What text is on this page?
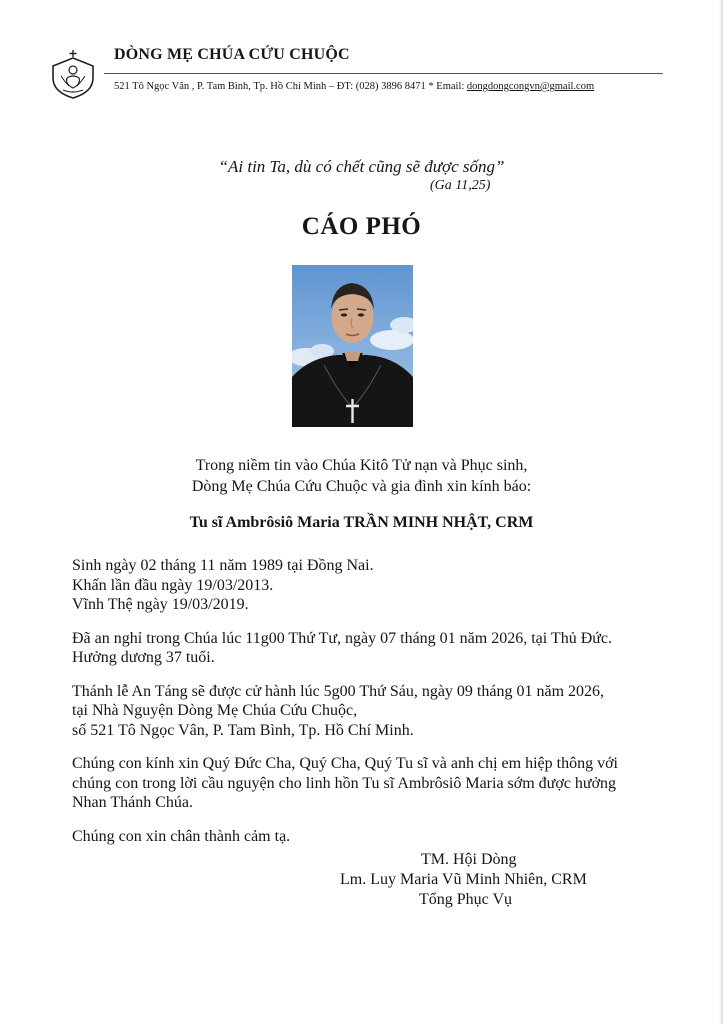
DÒNG MẸ CHÚA CỨU CHUỘC
521 Tô Ngọc Vân , P. Tam Bình, Tp. Hồ Chí Minh – ĐT: (028) 3896 8471 * Email: dongdongcongvn@gmail.com
“Ai tin Ta, dù có chết cũng sẽ được sống”
(Ga 11,25)
CÁO PHÓ
Trong niềm tin vào Chúa Kitô Tử nạn và Phục sinh,
Dòng Mẹ Chúa Cứu Chuộc và gia đình xin kính báo:
Tu sĩ Ambrôsiô Maria TRẦN MINH NHẬT, CRM
Sinh ngày 02 tháng 11 năm 1989 tại Đồng Nai.
Khấn lần đầu ngày 19/03/2013.
Vĩnh Thệ ngày 19/03/2019.
Đã an nghỉ trong Chúa lúc 11g00 Thứ Tư, ngày 07 tháng 01 năm 2026, tại Thủ Đức.
Hưởng dương 37 tuổi.
Thánh lễ An Táng sẽ được cử hành lúc 5g00 Thứ Sáu, ngày 09 tháng 01 năm 2026,
tại Nhà Nguyện Dòng Mẹ Chúa Cứu Chuộc,
số 521 Tô Ngọc Vân, P. Tam Bình, Tp. Hồ Chí Minh.
Chúng con kính xin Quý Đức Cha, Quý Cha, Quý Tu sĩ và anh chị em hiệp thông với
chúng con trong lời cầu nguyện cho linh hồn Tu sĩ Ambrôsiô Maria sớm được hưởng
Nhan Thánh Chúa.
Chúng con xin chân thành cảm tạ.
TM. Hội Dòng
Lm. Luy Maria Vũ Minh Nhiên, CRM
Tổng Phục Vụ
